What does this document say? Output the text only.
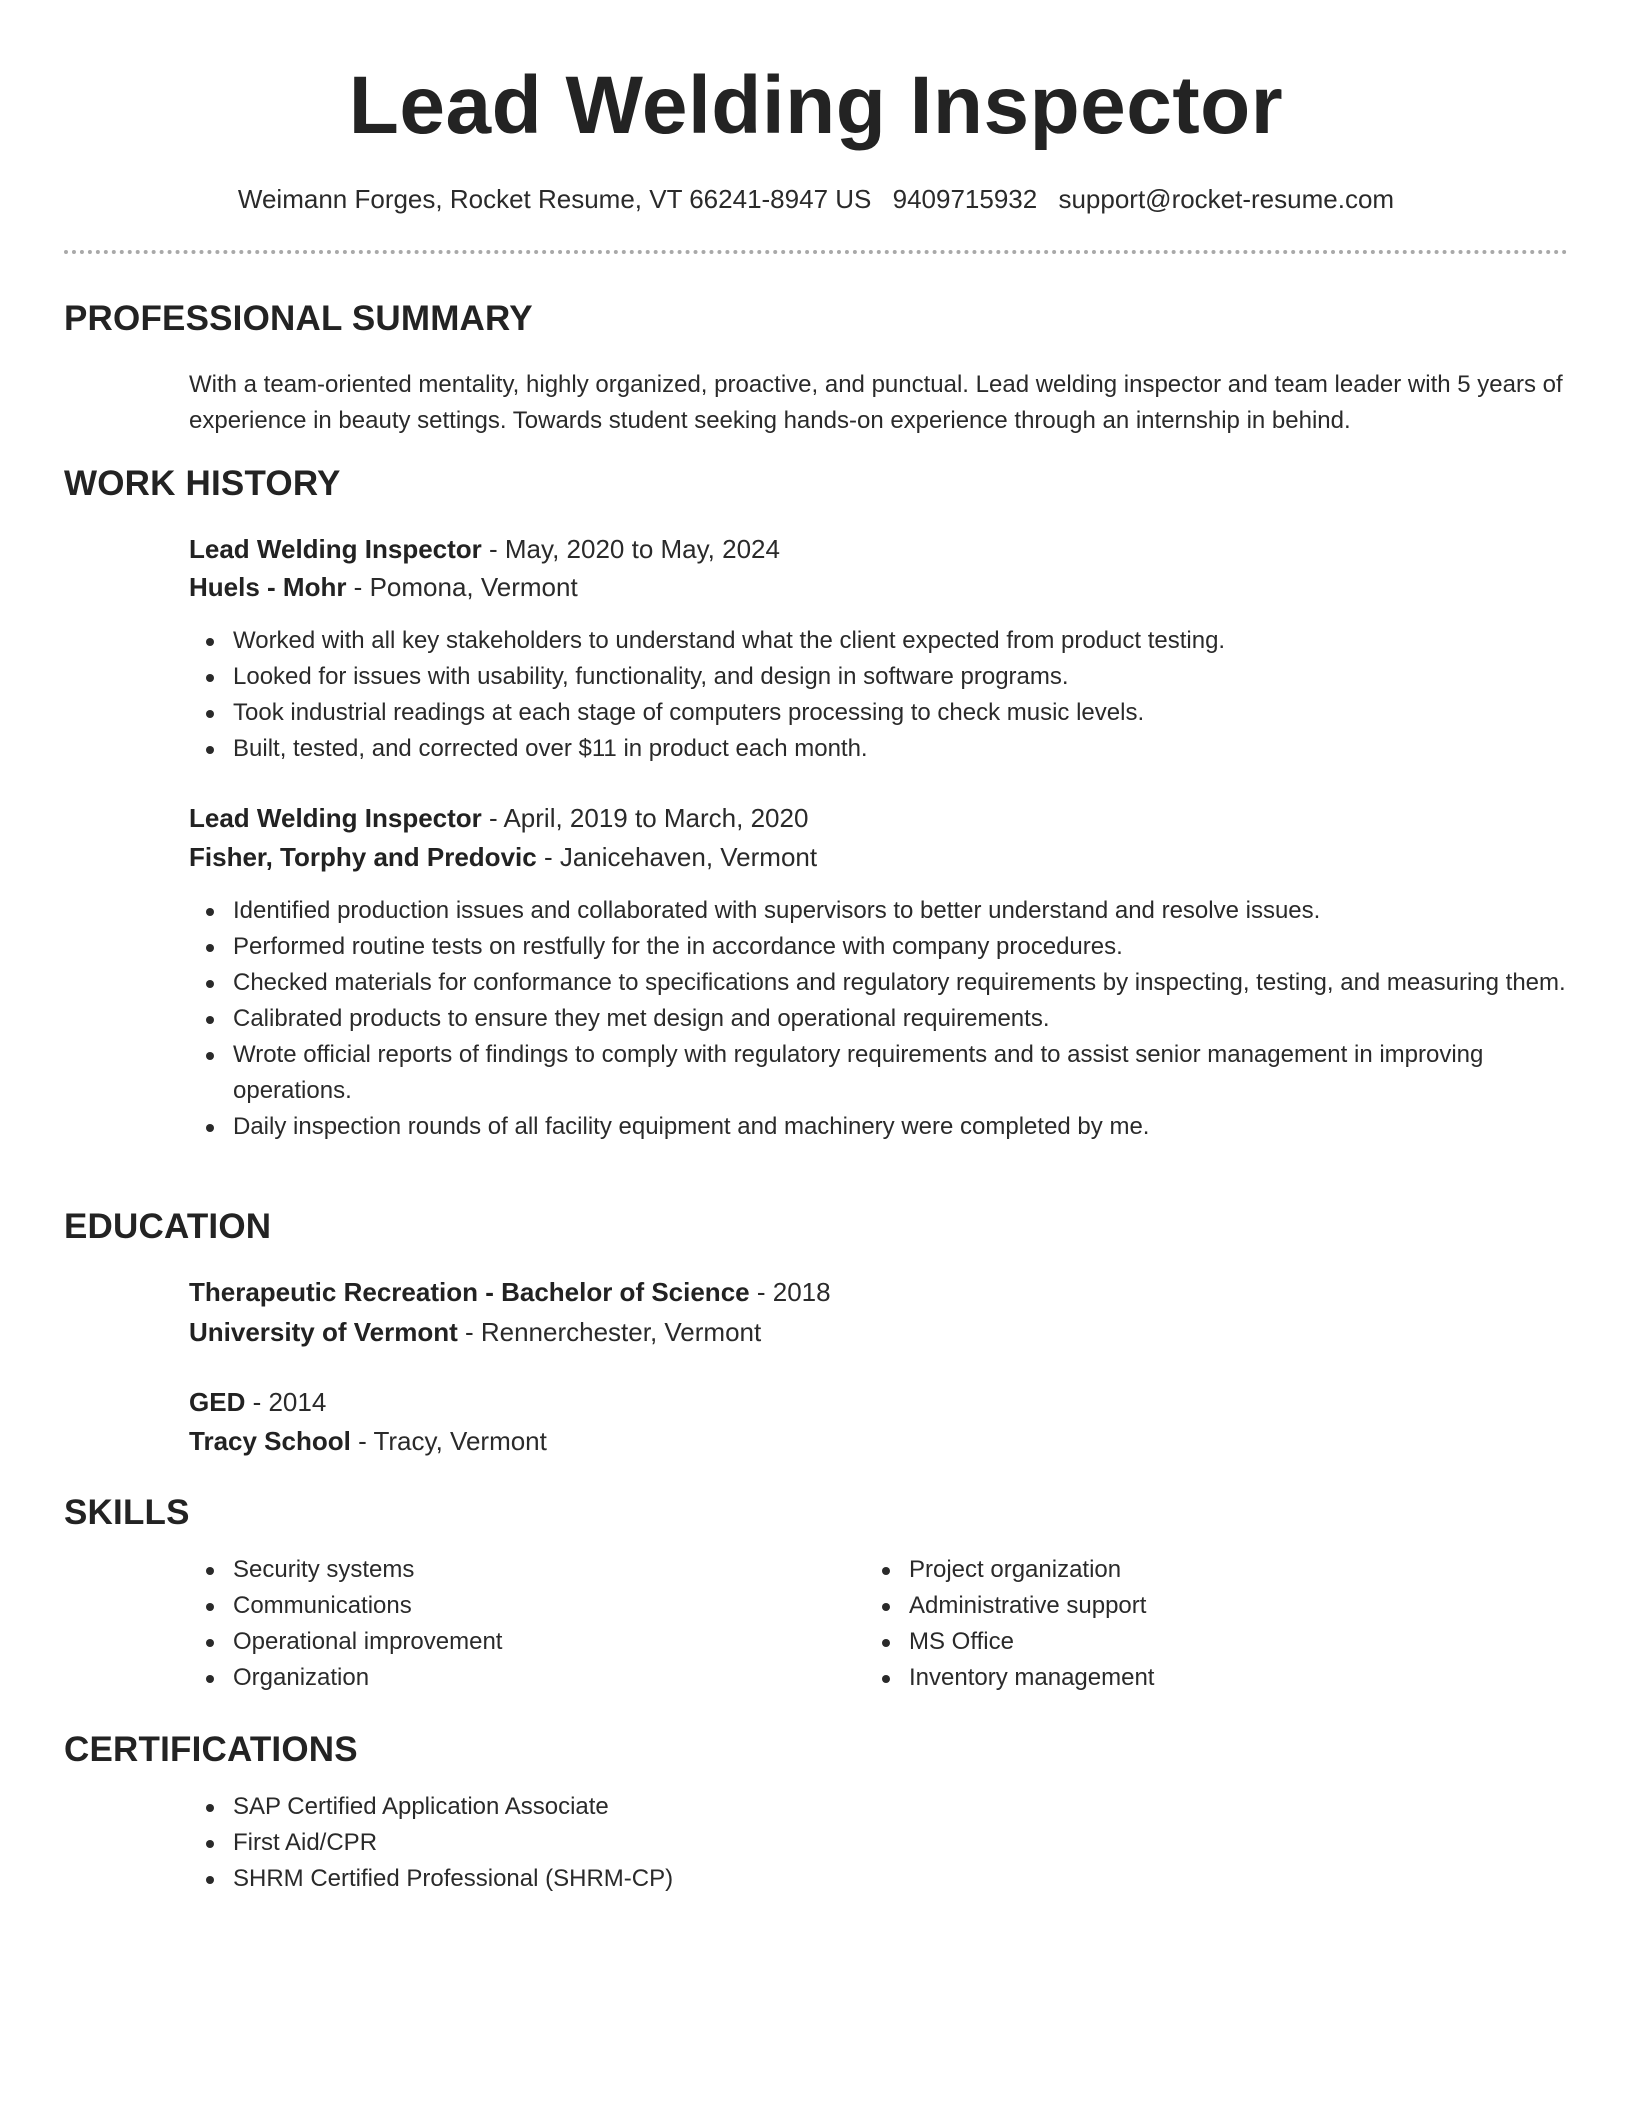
Lead Welding Inspector
Weimann Forges, Rocket Resume, VT 66241-8947 US 9409715932 support@rocket-resume.com
PROFESSIONAL SUMMARY

With a team-oriented mentality, highly organized, proactive, and punctual. Lead welding inspector and team leader with 5 years of experience in beauty settings. Towards student seeking hands-on experience through an internship in behind.

WORK HISTORY
Lead Welding Inspector - May, 2020 to May, 2024
Huels - Mohr - Pomona, Vermont
Worked with all key stakeholders to understand what the client expected from product testing.
Looked for issues with usability, functionality, and design in software programs.
Took industrial readings at each stage of computers processing to check music levels.
Built, tested, and corrected over $11 in product each month.
Lead Welding Inspector - April, 2019 to March, 2020
Fisher, Torphy and Predovic - Janicehaven, Vermont
Identified production issues and collaborated with supervisors to better understand and resolve issues.
Performed routine tests on restfully for the in accordance with company procedures.
Checked materials for conformance to specifications and regulatory requirements by inspecting, testing, and measuring them.
Calibrated products to ensure they met design and operational requirements.
Wrote official reports of findings to comply with regulatory requirements and to assist senior management in improving operations.
Daily inspection rounds of all facility equipment and machinery were completed by me.
EDUCATION
Therapeutic Recreation - Bachelor of Science - 2018
University of Vermont - Rennerchester, Vermont
GED - 2014
Tracy School - Tracy, Vermont
SKILLS
Security systems
Communications
Operational improvement
Organization
Project organization
Administrative support
MS Office
Inventory management
CERTIFICATIONS
SAP Certified Application Associate
First Aid/CPR
SHRM Certified Professional (SHRM-CP)
